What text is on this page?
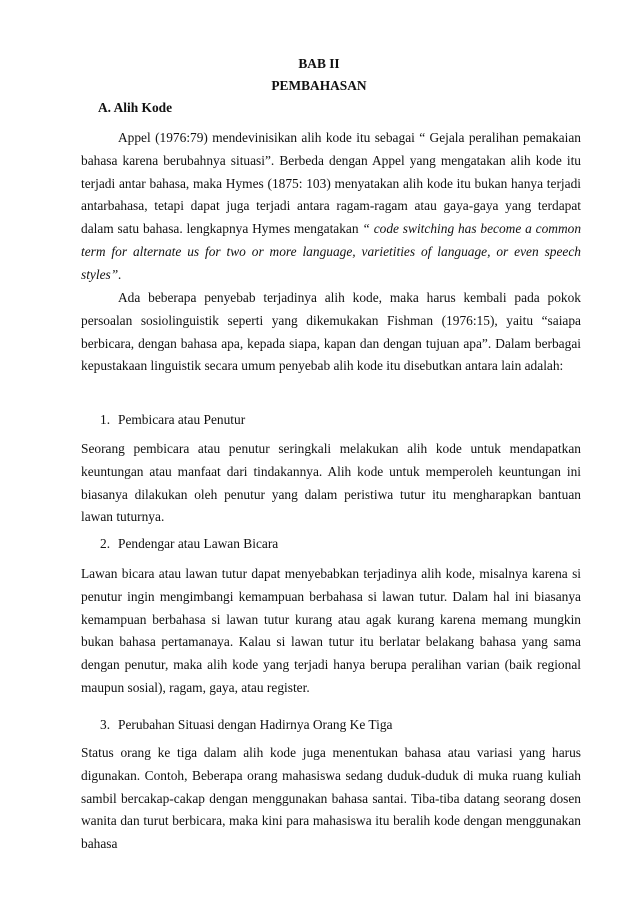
BAB II

PEMBAHASAN

A. Alih Kode

Appel (1976:79) mendevinisikan alih kode itu sebagai “ Gejala peralihan pemakaian bahasa karena berubahnya situasi”. Berbeda dengan Appel yang mengatakan alih kode itu terjadi antar bahasa, maka Hymes (1875: 103) menyatakan alih kode itu bukan hanya terjadi antarbahasa, tetapi dapat juga terjadi antara ragam-ragam atau gaya-gaya yang terdapat dalam satu bahasa. lengkapnya Hymes mengatakan “ code switching has become a common term for alternate us for two or more language, varietities of language, or even speech styles”.

Ada beberapa penyebab terjadinya alih kode, maka harus kembali pada pokok persoalan sosiolinguistik seperti yang dikemukakan Fishman (1976:15), yaitu “saiapa berbicara, dengan bahasa apa, kepada siapa, kapan dan dengan tujuan apa”. Dalam berbagai kepustakaan linguistik secara umum penyebab alih kode itu disebutkan antara lain adalah:

1. Pembicara atau Penutur

Seorang pembicara atau penutur seringkali melakukan alih kode untuk mendapatkan keuntungan atau manfaat dari tindakannya. Alih kode untuk memperoleh keuntungan ini biasanya dilakukan oleh penutur yang dalam peristiwa tutur itu mengharapkan bantuan lawan tuturnya.

2. Pendengar atau Lawan Bicara

Lawan bicara atau lawan tutur dapat menyebabkan terjadinya alih kode, misalnya karena si penutur ingin mengimbangi kemampuan berbahasa si lawan tutur. Dalam hal ini biasanya kemampuan berbahasa si lawan tutur kurang atau agak kurang karena memang mungkin bukan bahasa pertamanaya. Kalau si lawan tutur itu berlatar belakang bahasa yang sama dengan penutur, maka alih kode yang terjadi hanya berupa peralihan varian (baik regional maupun sosial), ragam, gaya, atau register.

3. Perubahan Situasi dengan Hadirnya Orang Ke Tiga

Status orang ke tiga dalam alih kode juga menentukan bahasa atau variasi yang harus digunakan. Contoh, Beberapa orang mahasiswa sedang duduk-duduk di muka ruang kuliah sambil bercakap-cakap dengan menggunakan bahasa santai. Tiba-tiba datang seorang dosen wanita dan turut berbicara, maka kini para mahasiswa itu beralih kode dengan menggunakan bahasa
